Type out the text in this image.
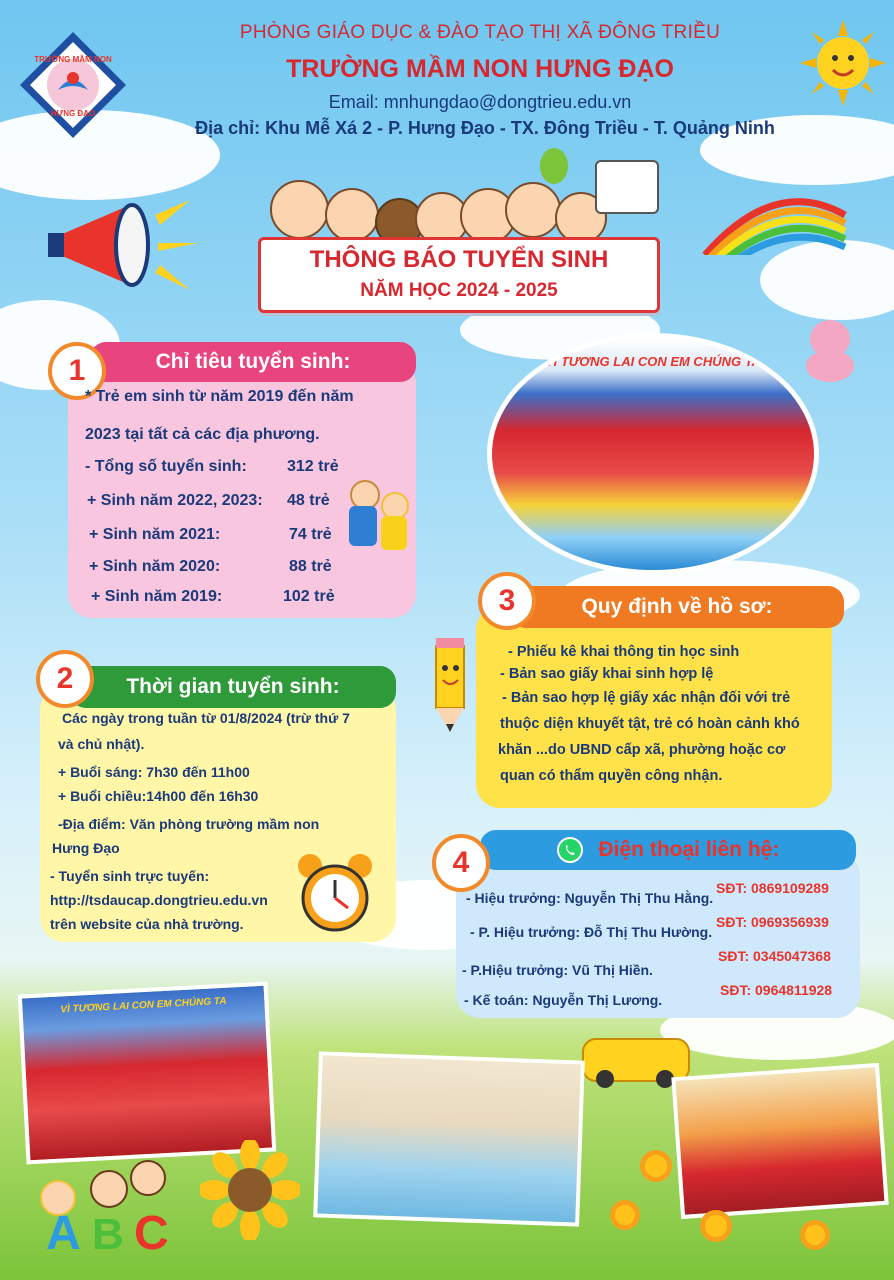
TRƯỜNG MẦM NON
HƯNG ĐẠO
PHÒNG GIÁO DỤC & ĐÀO TẠO THỊ XÃ ĐÔNG TRIỀU
TRƯỜNG MẦM NON HƯNG ĐẠO
Email: mnhungdao@dongtrieu.edu.vn
Địa chỉ: Khu Mễ Xá 2 - P. Hưng Đạo - TX. Đông Triều - T. Quảng Ninh
THÔNG BÁO TUYỂN SINH
NĂM HỌC 2024 - 2025
Chỉ tiêu tuyển sinh:
1
* Trẻ em sinh từ năm 2019 đến năm
2023 tại tất cả các địa phương.
- Tổng số tuyển sinh:	312 trẻ
+ Sinh năm 2022, 2023: 48 trẻ
+ Sinh năm 2021:	74 trẻ
+ Sinh năm 2020:	88 trẻ
+ Sinh năm 2019:	102 trẻ
VÌ TƯƠNG LAI CON EM CHÚNG TA
Thời gian tuyển sinh:
2
Các ngày trong tuần từ 01/8/2024 (trừ thứ 7
và chủ nhật).
+ Buổi sáng: 7h30 đến 11h00
+ Buổi chiều:14h00 đến 16h30
-Địa điểm: Văn phòng trường mầm non
Hưng Đạo
- Tuyển sinh trực tuyến:
http://tsdaucap.dongtrieu.edu.vn
trên website của nhà trường.
Quy định về hồ sơ:
3
- Phiếu kê khai thông tin học sinh
- Bản sao giấy khai sinh hợp lệ
- Bản sao hợp lệ giấy xác nhận đối với trẻ
thuộc diện khuyết tật, trẻ có hoàn cảnh khó
khăn ...do UBND cấp xã, phường hoặc cơ
quan có thẩm quyền công nhận.
Điện thoại liên hệ:
4
- Hiệu trưởng: Nguyễn Thị Thu Hằng.
SĐT: 0869109289
- P. Hiệu trưởng: Đỗ Thị Thu Hường.
SĐT: 0969356939
- P.Hiệu trưởng: Vũ Thị Hiền.
SĐT: 0345047368
- Kế toán: Nguyễn Thị Lương.
SĐT: 0964811928
VÌ TƯƠNG LAI CON EM CHÚNG TA
A B C
